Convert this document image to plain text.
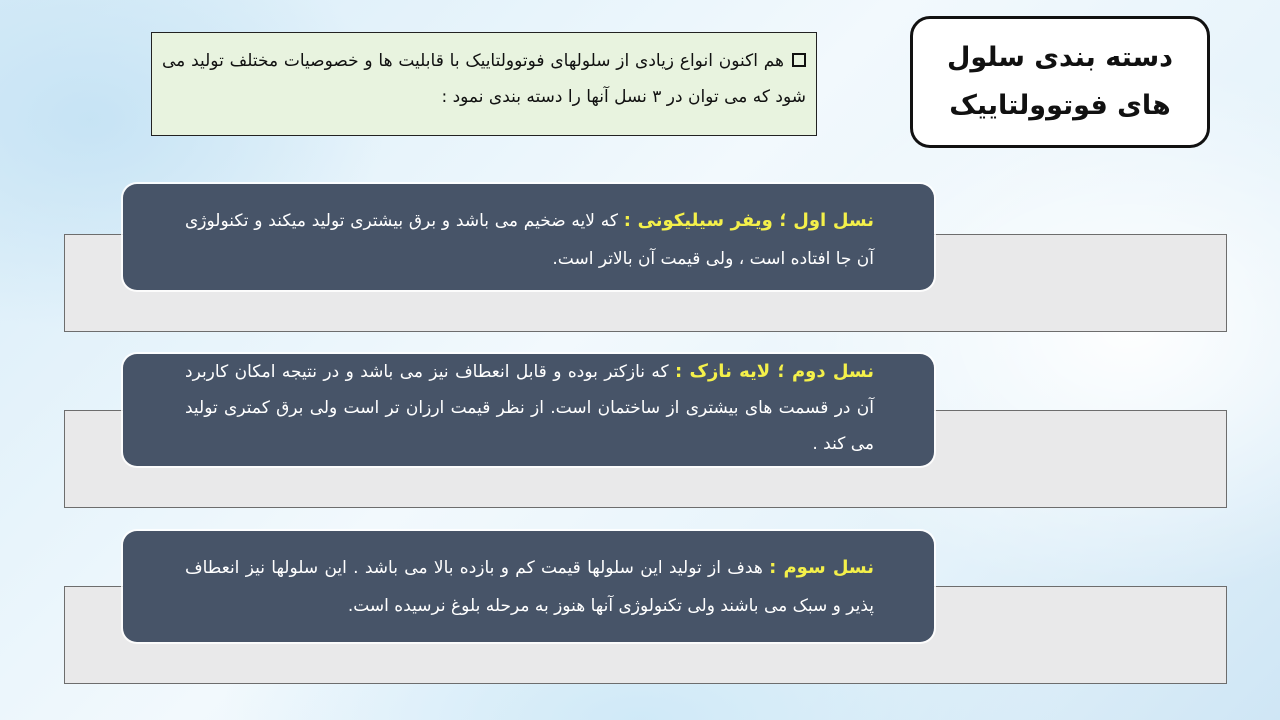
دسته بندی سلول های فوتوولتاییک
هم اکنون انواع زیادی از سلولهای فوتوولتاییک با قابلیت ها و خصوصیات مختلف تولید می شود که می توان در ۳ نسل آنها را دسته بندی نمود :
نسل اول ؛ ویفر سیلیکونی : که لایه ضخیم می باشد و برق بیشتری تولید میکند و تکنولوژی آن جا افتاده است ، ولی قیمت آن بالاتر است.
نسل دوم ؛ لایه نازک : که نازکتر بوده و قابل انعطاف نیز می باشد و در نتیجه امکان کاربرد آن در قسمت های بیشتری از ساختمان است. از نظر قیمت ارزان تر است ولی برق کمتری تولید می کند .
نسل سوم : هدف از تولید این سلولها قیمت کم و بازده بالا می باشد . این سلولها نیز انعطاف پذیر و سبک می باشند ولی تکنولوژی آنها هنوز به مرحله بلوغ نرسیده است.
